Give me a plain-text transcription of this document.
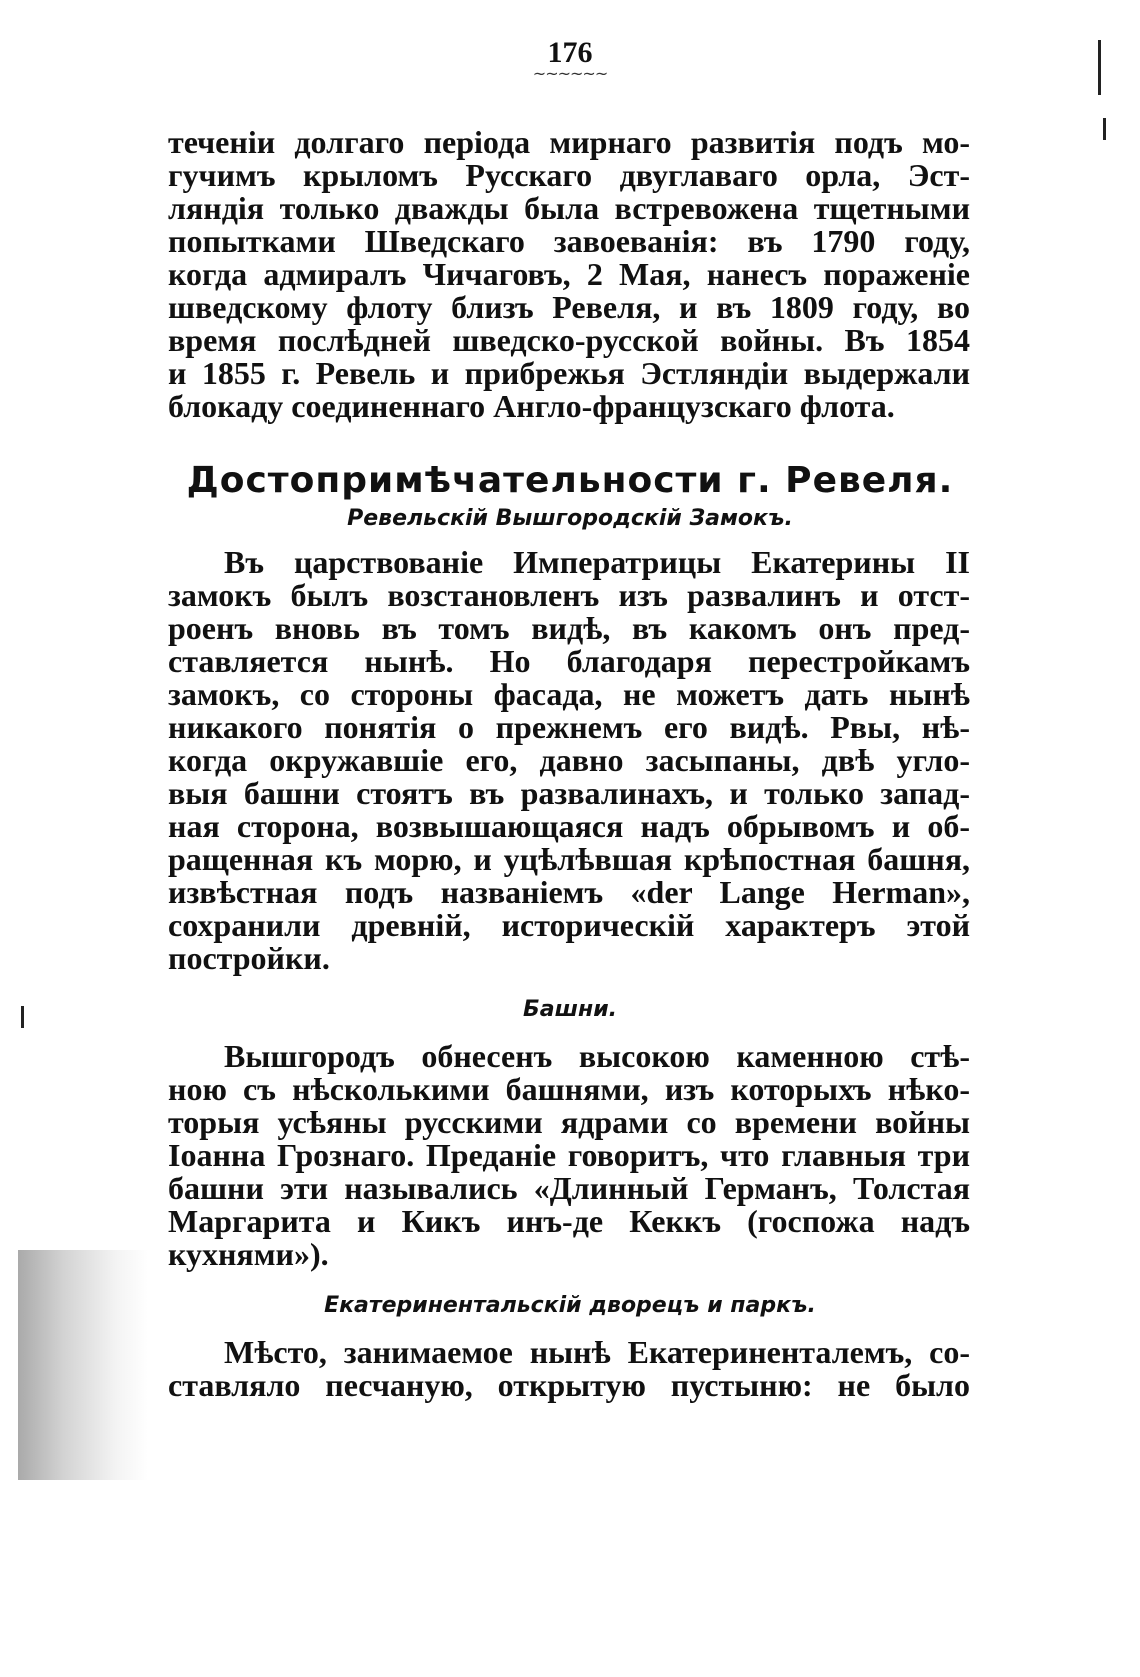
176
~~~~~~
теченіи долгаго періода мирнаго развитія подъ мо-
гучимъ крыломъ Русскаго двуглаваго орла, Эст-
ляндія только дважды была встревожена тщетными
попытками Шведскаго завоеванія: въ 1790 году,
когда адмиралъ Чичаговъ, 2 Мая, нанесъ пораженіе
шведскому флоту близъ Ревеля, и въ 1809 году, во
время послѣдней шведско-русской войны. Въ 1854
и 1855 г. Ревель и прибрежья Эстляндіи выдержали
блокаду соединеннаго Англо-французскаго флота.
Достопримѣчательности г. Ревеля.
Ревельскій Вышгородскій Замокъ.
Въ царствованіе Императрицы Екатерины II
замокъ былъ возстановленъ изъ развалинъ и отст-
роенъ вновь въ томъ видѣ, въ какомъ онъ пред-
ставляется нынѣ. Но благодаря перестройкамъ
замокъ, со стороны фасада, не можетъ дать нынѣ
никакого понятія о прежнемъ его видѣ. Рвы, нѣ-
когда окружавшіе его, давно засыпаны, двѣ угло-
выя башни стоятъ въ развалинахъ, и только запад-
ная сторона, возвышающаяся надъ обрывомъ и об-
ращенная къ морю, и уцѣлѣвшая крѣпостная башня,
извѣстная подъ названіемъ «der Lange Herman»,
сохранили древній, историческій характеръ этой
постройки.
Башни.
Вышгородъ обнесенъ высокою каменною стѣ-
ною съ нѣсколькими башнями, изъ которыхъ нѣко-
торыя усѣяны русскими ядрами со времени войны
Іоанна Грознаго. Преданіе говоритъ, что главныя три
башни эти назывались «Длинный Германъ, Толстая
Маргарита и Кикъ инъ-де Кеккъ (госпожа надъ
кухнями»).
Екатеринентальскій дворецъ и паркъ.
Мѣсто, занимаемое нынѣ Екатериненталемъ, со-
ставляло песчаную, открытую пустыню: не было
